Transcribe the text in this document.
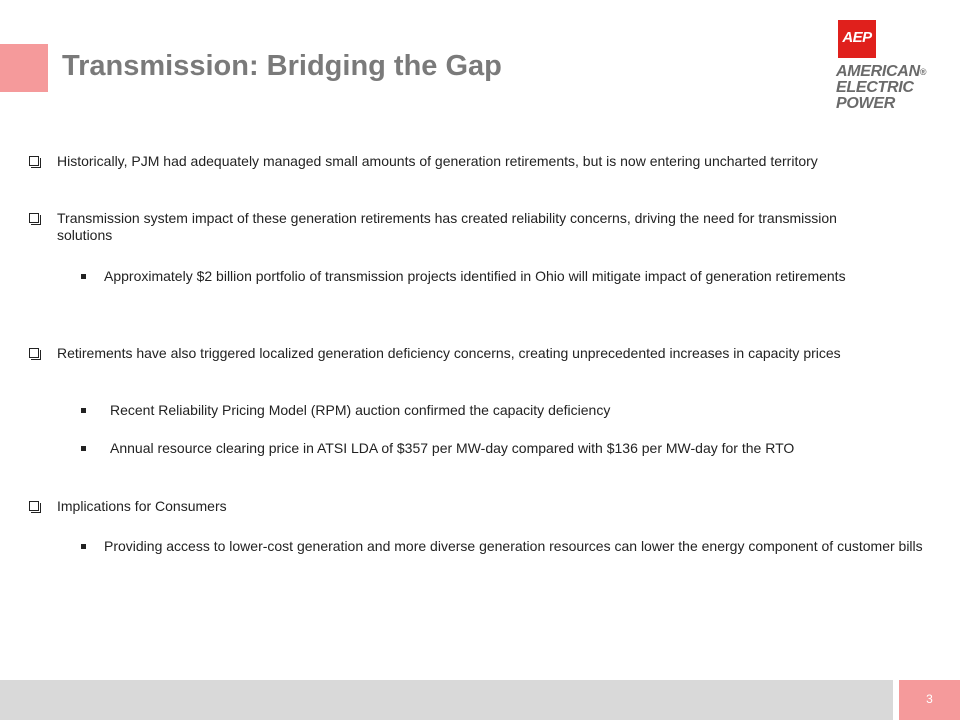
Transmission: Bridging the Gap
AEP
AMERICAN®
ELECTRIC
POWER
Historically, PJM had adequately managed small amounts of generation retirements, but is now entering uncharted territory
Transmission system impact of these generation retirements has created reliability concerns, driving the need for transmission solutions
Approximately $2 billion portfolio of transmission projects identified in Ohio will mitigate impact of generation retirements
Retirements have also triggered localized generation deficiency concerns, creating unprecedented increases in capacity prices
Recent Reliability Pricing Model (RPM) auction confirmed the capacity deficiency
Annual resource clearing price in ATSI LDA of $357 per MW-day compared with $136 per MW-day for the RTO
Implications for Consumers
Providing access to lower-cost generation and more diverse generation resources can lower the energy component of customer bills
3
